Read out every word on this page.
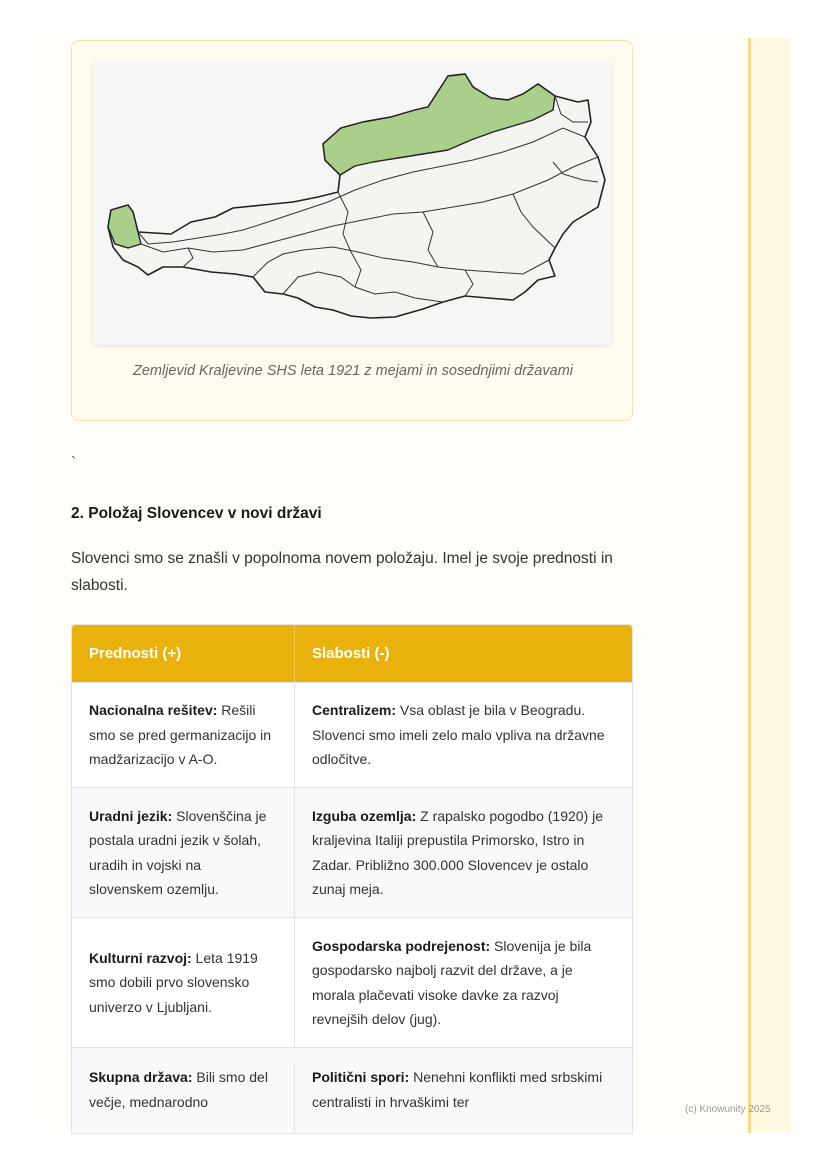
Zemljevid Kraljevine SHS leta 1921 z mejami in sosednjimi državami
`
2. Položaj Slovencev v novi državi
Slovenci smo se znašli v popolnoma novem položaju. Imel je svoje prednosti in slabosti.
Prednosti (+)	Slabosti (-)
Nacionalna rešitev: Rešili smo se pred germanizacijo in madžarizacijo v A-O.
Centralizem: Vsa oblast je bila v Beogradu. Slovenci smo imeli zelo malo vpliva na državne odločitve.
Uradni jezik: Slovenščina je postala uradni jezik v šolah, uradih in vojski na slovenskem ozemlju.
Izguba ozemlja: Z rapalsko pogodbo (1920) je kraljevina Italiji prepustila Primorsko, Istro in Zadar. Približno 300.000 Slovencev je ostalo zunaj meja.
Kulturni razvoj: Leta 1919 smo dobili prvo slovensko univerzo v Ljubljani.
Gospodarska podrejenost: Slovenija je bila gospodarsko najbolj razvit del države, a je morala plačevati visoke davke za razvoj revnejših delov (jug).
Skupna država: Bili smo del večje, mednarodno
Politični spori: Nenehni konflikti med srbskimi centralisti in hrvaškimi ter	(c) Knowunity 2025
